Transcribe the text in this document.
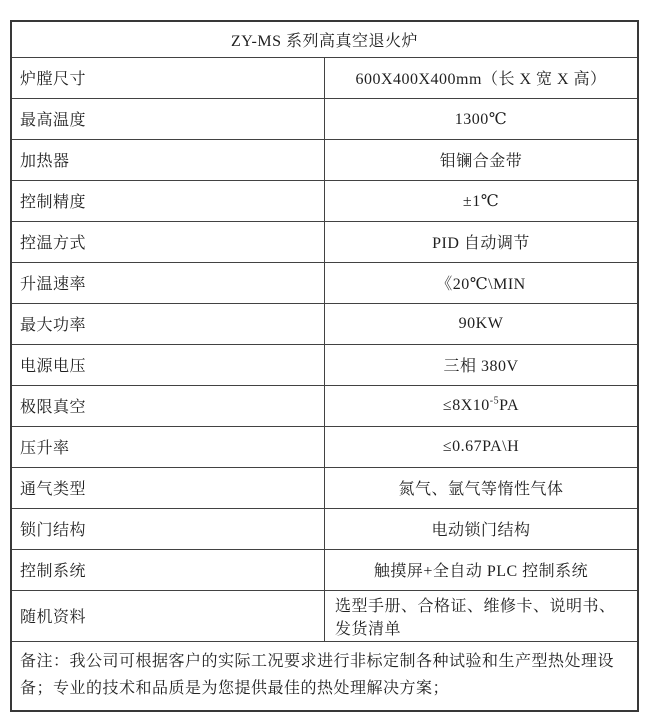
ZY-MS 系列高真空退火炉	
炉膛尺寸	600X400X400mm（长 X 宽 X 高）
最高温度	1300℃
加热器	钼镧合金带
控制精度	±1℃
控温方式	PID 自动调节
升温速率	《20℃\MIN
最大功率	90KW
电源电压	三相 380V
极限真空	$\le 8X10^{-5}PA$
压升率	≤0.67PA\H
通气类型	氮气、氩气等惰性气体
锁门结构	电动锁门结构
控制系统	触摸屏+全自动 PLC 控制系统
随机资料	选型手册、合格证、维修卡、说明书、发货清单
备注：我公司可根据客户的实际工况要求进行非标定制各种试验和生产型热处理设备；专业的技术和品质是为您提供最佳的热处理解决方案；	
